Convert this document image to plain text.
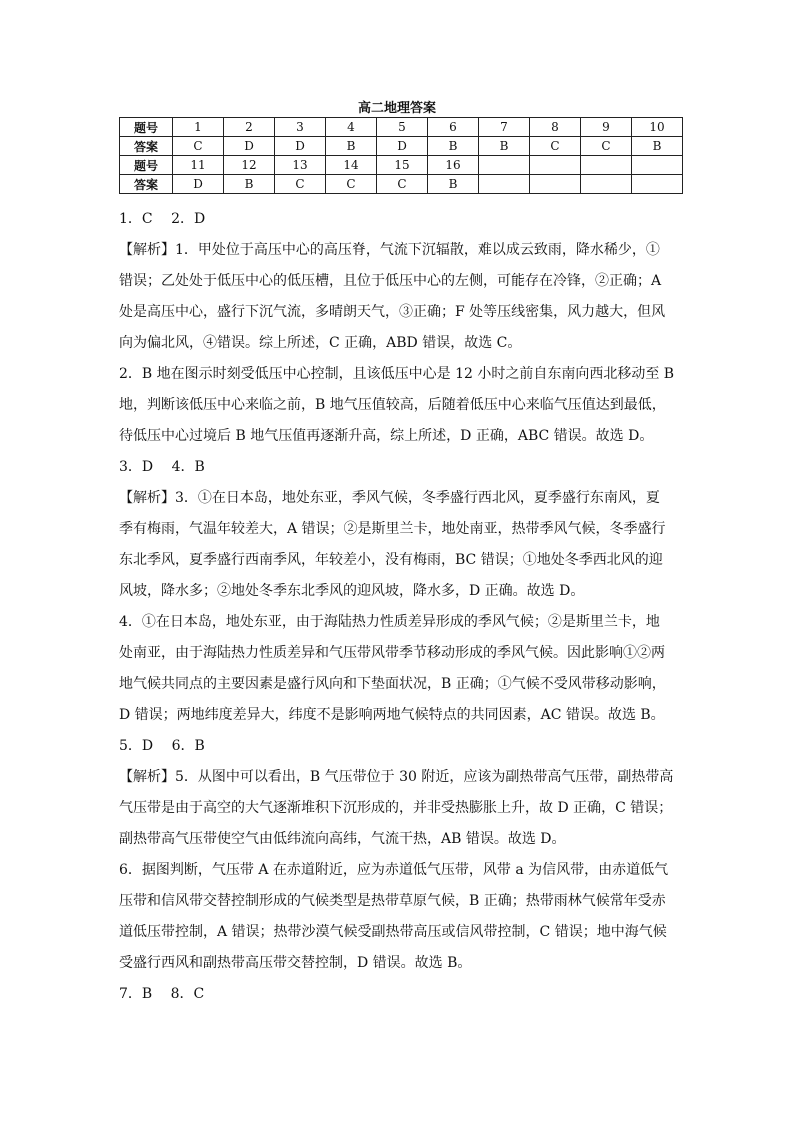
高二地理答案
题号	1	2	3	4	5	6	7	8	9	10
答案	C	D	D	B	D	B	B	C	C	B
题号	11	12	13	14	15	16				
答案	D	B	C	C	C	B				

1．C　 2．D

【解析】1．甲处位于高压中心的高压脊，气流下沉辐散，难以成云致雨，降水稀少，①

错误；乙处处于低压中心的低压槽，且位于低压中心的左侧，可能存在冷锋，②正确；A

处是高压中心，盛行下沉气流，多晴朗天气，③正确；F 处等压线密集，风力越大，但风

向为偏北风，④错误。综上所述，C 正确，ABD 错误，故选 C。

2．B 地在图示时刻受低压中心控制，且该低压中心是 12 小时之前自东南向西北移动至 B

地，判断该低压中心来临之前，B 地气压值较高，后随着低压中心来临气压值达到最低，

待低压中心过境后 B 地气压值再逐渐升高，综上所述，D 正确，ABC 错误。故选 D。

3．D　 4．B

【解析】3．①在日本岛，地处东亚，季风气候，冬季盛行西北风，夏季盛行东南风，夏

季有梅雨，气温年较差大，A 错误；②是斯里兰卡，地处南亚，热带季风气候，冬季盛行

东北季风，夏季盛行西南季风，年较差小，没有梅雨，BC 错误；①地处冬季西北风的迎

风坡，降水多；②地处冬季东北季风的迎风坡，降水多，D 正确。故选 D。

4．①在日本岛，地处东亚，由于海陆热力性质差异形成的季风气候；②是斯里兰卡，地

处南亚，由于海陆热力性质差异和气压带风带季节移动形成的季风气候。因此影响①②两

地气候共同点的主要因素是盛行风向和下垫面状况，B 正确；①气候不受风带移动影响，

D 错误；两地纬度差异大，纬度不是影响两地气候特点的共同因素，AC 错误。故选 B。

5．D　 6．B

【解析】5．从图中可以看出，B 气压带位于 30 附近，应该为副热带高气压带，副热带高

气压带是由于高空的大气逐渐堆积下沉形成的，并非受热膨胀上升，故 D 正确，C 错误；

副热带高气压带使空气由低纬流向高纬，气流干热，AB 错误。故选 D。

6．据图判断，气压带 A 在赤道附近，应为赤道低气压带，风带 a 为信风带，由赤道低气

压带和信风带交替控制形成的气候类型是热带草原气候，B 正确；热带雨林气候常年受赤

道低压带控制，A 错误；热带沙漠气候受副热带高压或信风带控制，C 错误；地中海气候

受盛行西风和副热带高压带交替控制，D 错误。故选 B。

7．B　 8．C
